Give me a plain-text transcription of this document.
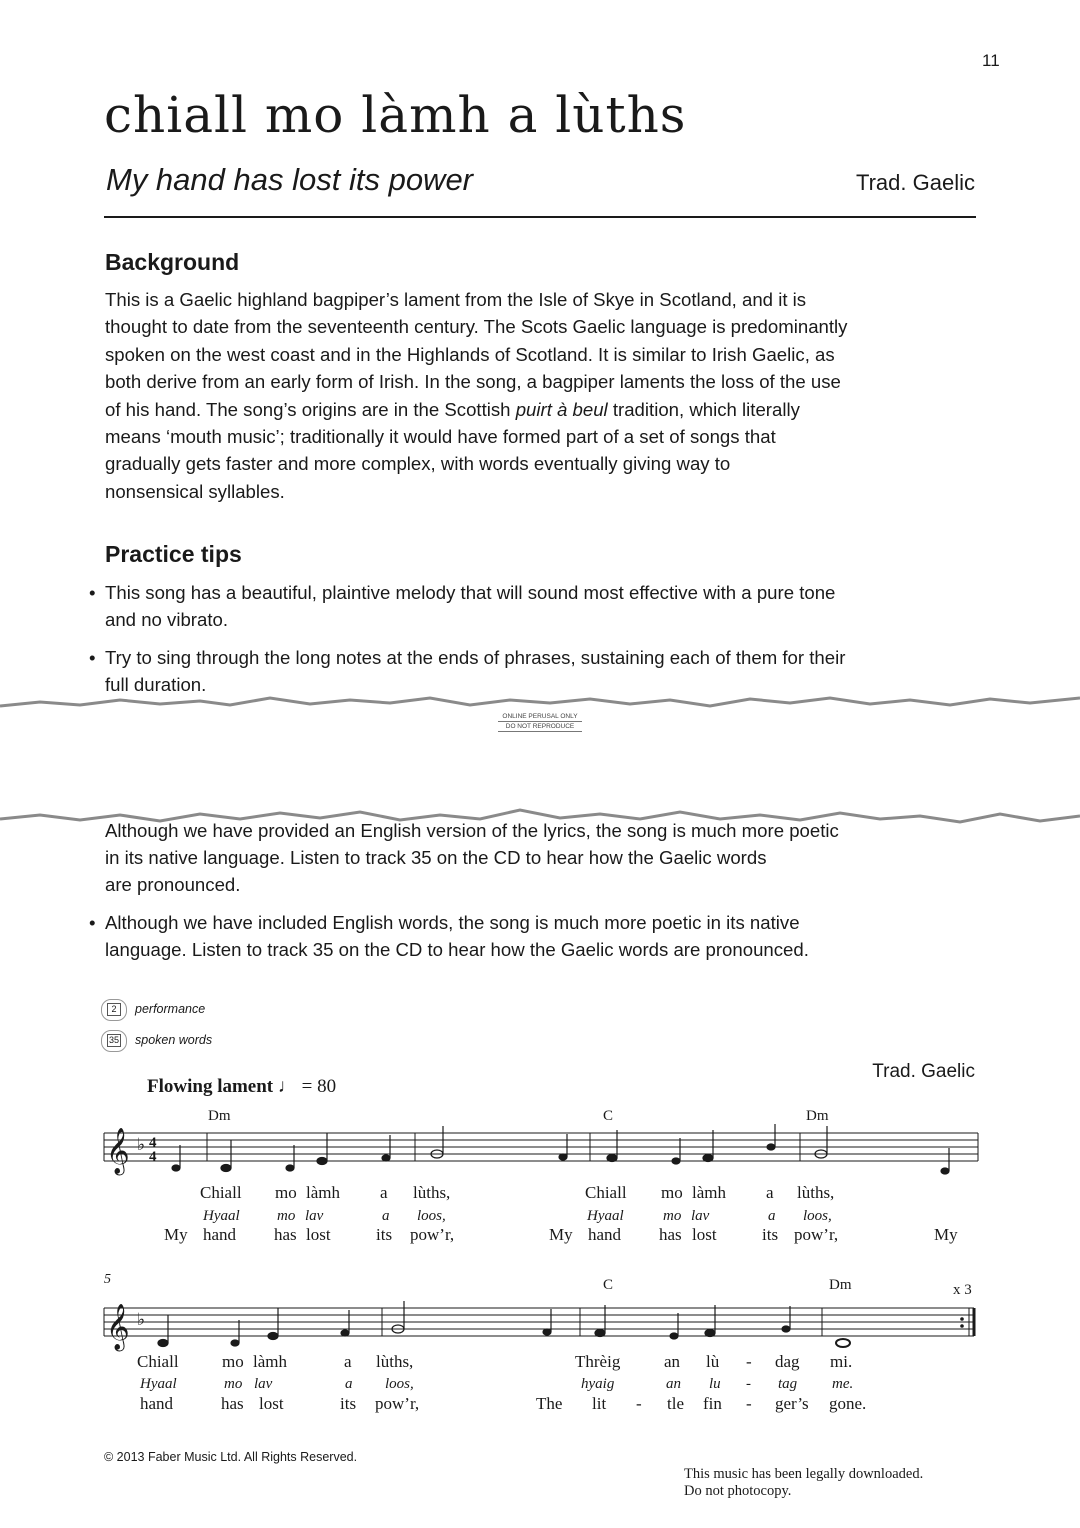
11
chiall mo làmh a lùths
My hand has lost its power	Trad. Gaelic
Background

This is a Gaelic highland bagpiper’s lament from the Isle of Skye in Scotland, and it is

thought to date from the seventeenth century. The Scots Gaelic language is predominantly

spoken on the west coast and in the Highlands of Scotland. It is similar to Irish Gaelic, as

both derive from an early form of Irish. In the song, a bagpiper laments the loss of the use

of his hand. The song’s origins are in the Scottish puirt à beul tradition, which literally

means ‘mouth music’; traditionally it would have formed part of a set of songs that

gradually gets faster and more complex, with words eventually giving way to

nonsensical syllables.

Practice tips
• This song has a beautiful, plaintive melody that will sound most effective with a pure tone
and no vibrato.
• Try to sing through the long notes at the ends of phrases, sustaining each of them for their
full duration.
Although we have provided an English version of the lyrics, the song is much more poetic
in its native language. Listen to track 35 on the CD to hear how the Gaelic words
are pronounced.
ONLINE PERUSAL ONLY
DO NOT REPRODUCE
• Although we have included English words, the song is much more poetic in its native
language. Listen to track 35 on the CD to hear how the Gaelic words are pronounced.
2	performance
35 spoken words
Trad. Gaelic
Flowing lament ♩ = 80
𝄞 ♭ 4
4
Dm	C	Dm
Chiall mo làmh a lùths,	Chiall mo làmh a lùths,
Hyaal mo lav	a loos,	Hyaal	mo lav	a loos,
My hand has lost	its pow’r,	My hand has lost	its pow’r,	My
5	C	Dm	x 3
𝄞 ♭
Chiall	mo làmh	a lùths,	Thrèig	an lù - dag mi.
Hyaal	mo lav	a loos,	hyaig	an lu - tag me.
hand	has lost	its pow’r,	The lit - tle fin - ger’s gone.
© 2013 Faber Music Ltd. All Rights Reserved.
This music has been legally downloaded.
Do not photocopy.
